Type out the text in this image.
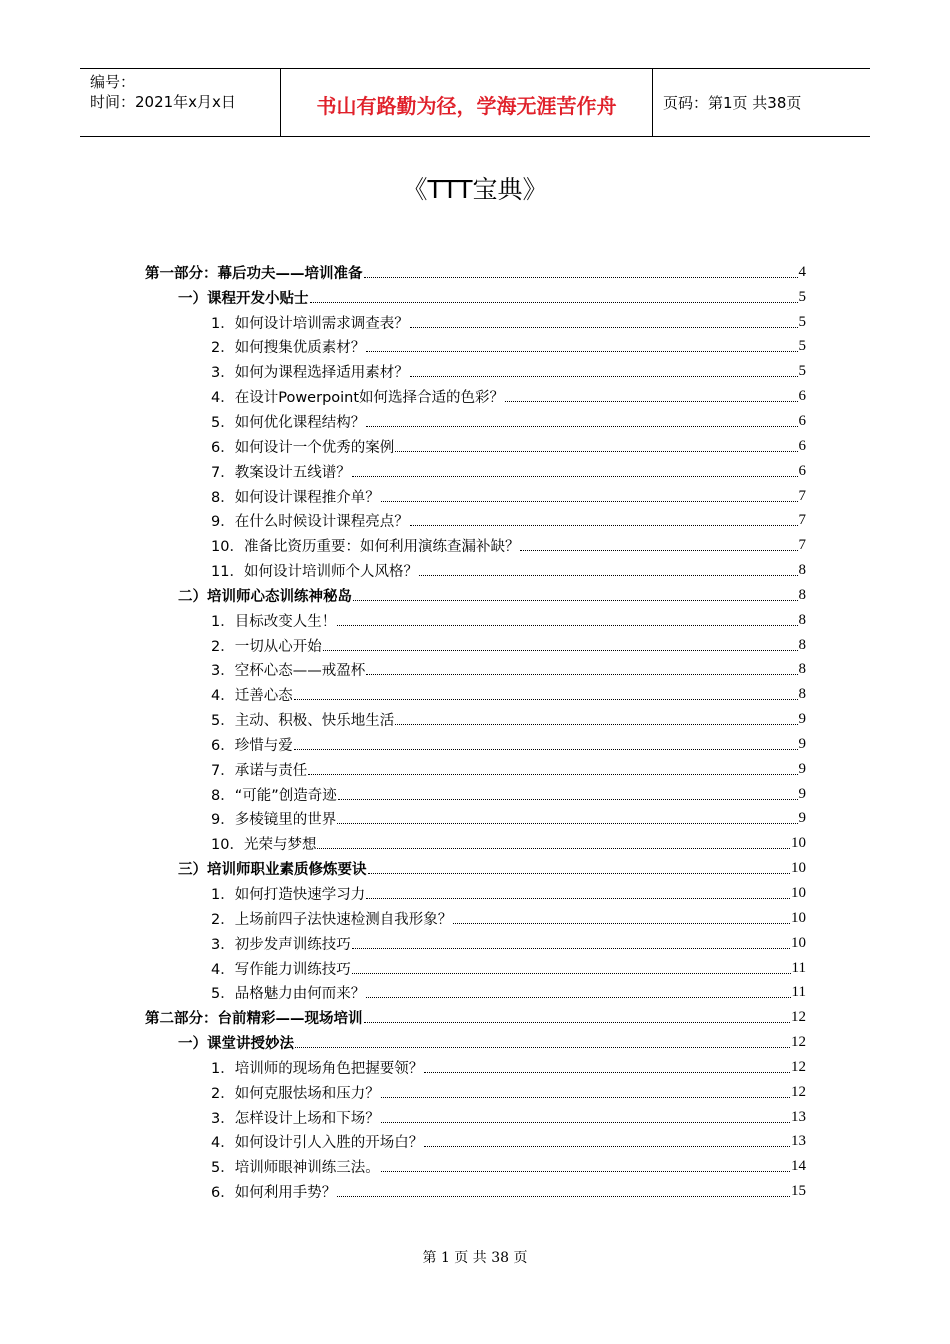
编号：
时间：2021年x月x日	书山有路勤为径，学海无涯苦作舟	页码：第1页 共38页
《TTT宝典》
第一部分：幕后功夫——培训准备	4
一）课程开发小贴士	5
1．如何设计培训需求调查表？	5
2．如何搜集优质素材？	5
3．如何为课程选择适用素材？	5
4．在设计Powerpoint如何选择合适的色彩？	6
5．如何优化课程结构？	6
6．如何设计一个优秀的案例	6
7．教案设计五线谱？	6
8．如何设计课程推介单？	7
9．在什么时候设计课程亮点？	7
10．准备比资历重要：如何利用演练查漏补缺？	7
11．如何设计培训师个人风格？	8
二）培训师心态训练神秘岛	8
1．目标改变人生！	8
2．一切从心开始	8
3．空杯心态——戒盈杯	8
4．迁善心态	8
5．主动、积极、快乐地生活	9
6．珍惜与爱	9
7．承诺与责任	9
8．“可能”创造奇迹	9
9．多棱镜里的世界	9
10．光荣与梦想	10
三）培训师职业素质修炼要诀	10
1．如何打造快速学习力	10
2．上场前四子法快速检测自我形象？	10
3．初步发声训练技巧	10
4．写作能力训练技巧	11
5．品格魅力由何而来？	11
第二部分：台前精彩——现场培训	12
一）课堂讲授妙法	12
1．培训师的现场角色把握要领？	12
2．如何克服怯场和压力？	12
3．怎样设计上场和下场？	13
4．如何设计引人入胜的开场白？	13
5．培训师眼神训练三法。	14
6．如何利用手势？	15
第 1 页 共 38 页
